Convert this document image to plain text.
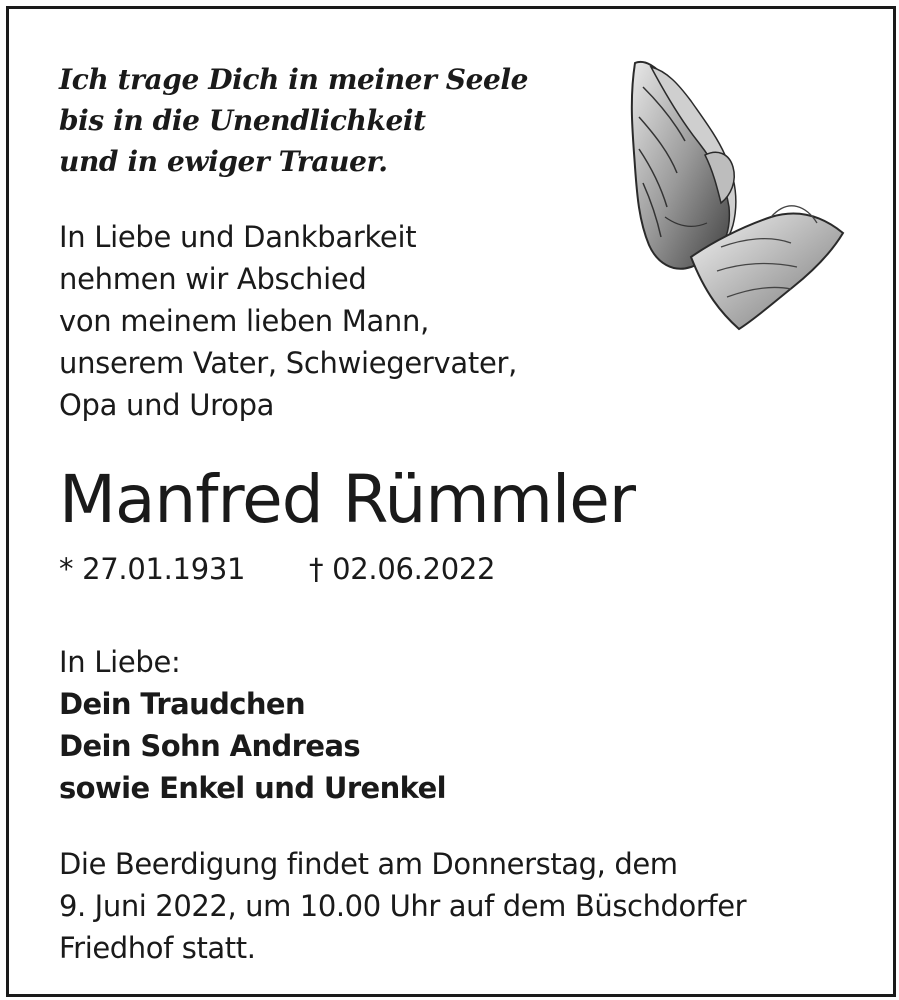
Ich trage Dich in meiner Seele
bis in die Unendlichkeit
und in ewiger Trauer.
In Liebe und Dankbarkeit
nehmen wir Abschied
von meinem lieben Mann,
unserem Vater, Schwiegervater,
Opa und Uropa
Manfred Rümmler
* 27.01.1931 † 02.06.2022
In Liebe:
Dein Traudchen
Dein Sohn Andreas
sowie Enkel und Urenkel
Die Beerdigung findet am Donnerstag, dem
9. Juni 2022, um 10.00 Uhr auf dem Büschdorfer
Friedhof statt.
